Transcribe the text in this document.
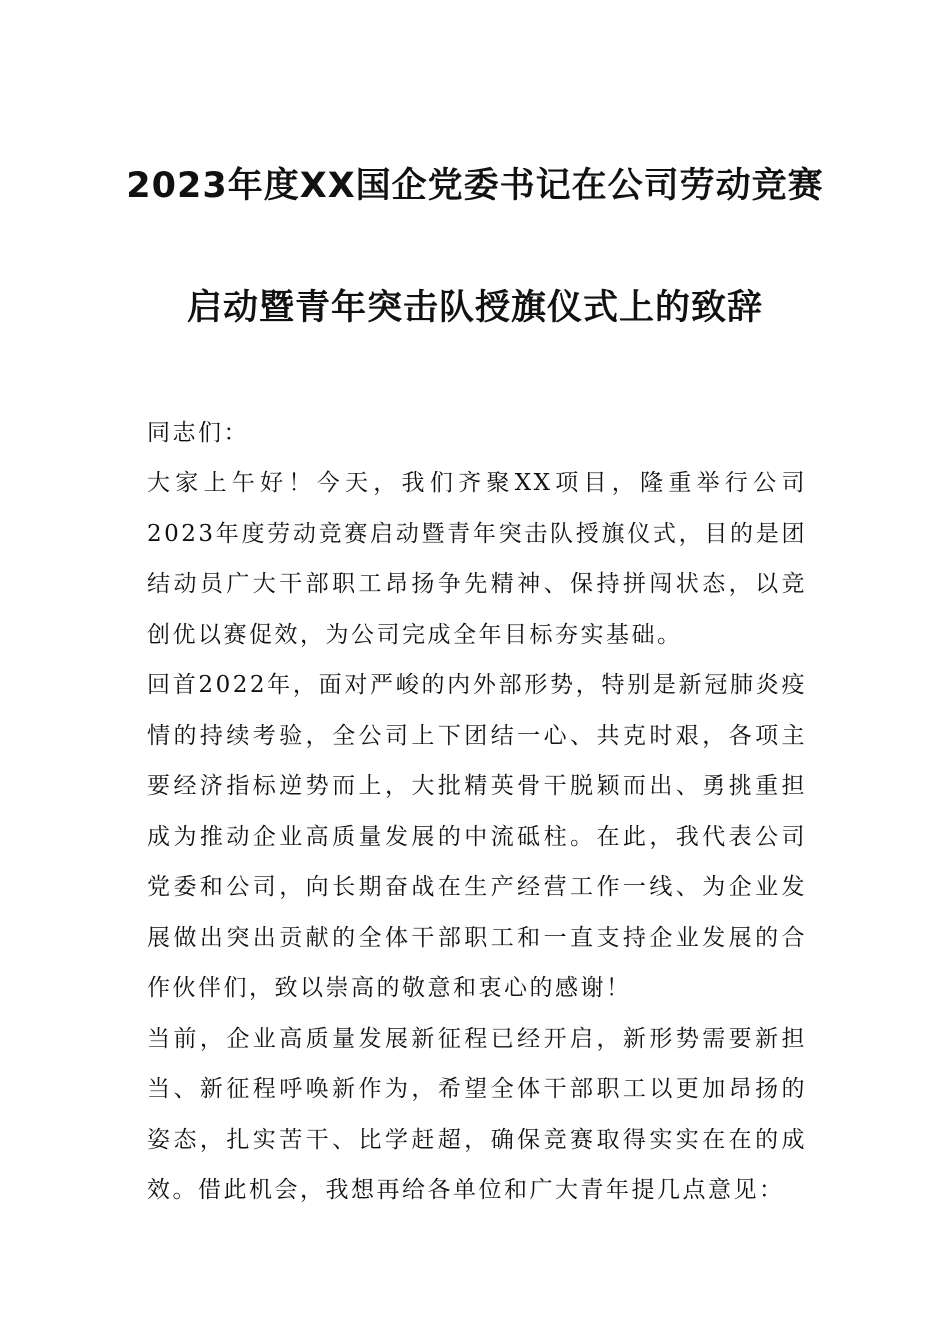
2023年度XX国企党委书记在公司劳动竞赛
启动暨青年突击队授旗仪式上的致辞
同志们：

大家上午好！今天，我们齐聚XX项目，隆重举行公司2023年度劳动竞赛启动暨青年突击队授旗仪式，目的是团结动员广大干部职工昂扬争先精神、保持拼闯状态，以竞创优以赛促效，为公司完成全年目标夯实基础。

回首2022年，面对严峻的内外部形势，特别是新冠肺炎疫情的持续考验，全公司上下团结一心、共克时艰，各项主要经济指标逆势而上，大批精英骨干脱颖而出、勇挑重担成为推动企业高质量发展的中流砥柱。在此，我代表公司党委和公司，向长期奋战在生产经营工作一线、为企业发展做出突出贡献的全体干部职工和一直支持企业发展的合作伙伴们，致以崇高的敬意和衷心的感谢！

当前，企业高质量发展新征程已经开启，新形势需要新担当、新征程呼唤新作为，希望全体干部职工以更加昂扬的姿态，扎实苦干、比学赶超，确保竞赛取得实实在在的成效。借此机会，我想再给各单位和广大青年提几点意见：
